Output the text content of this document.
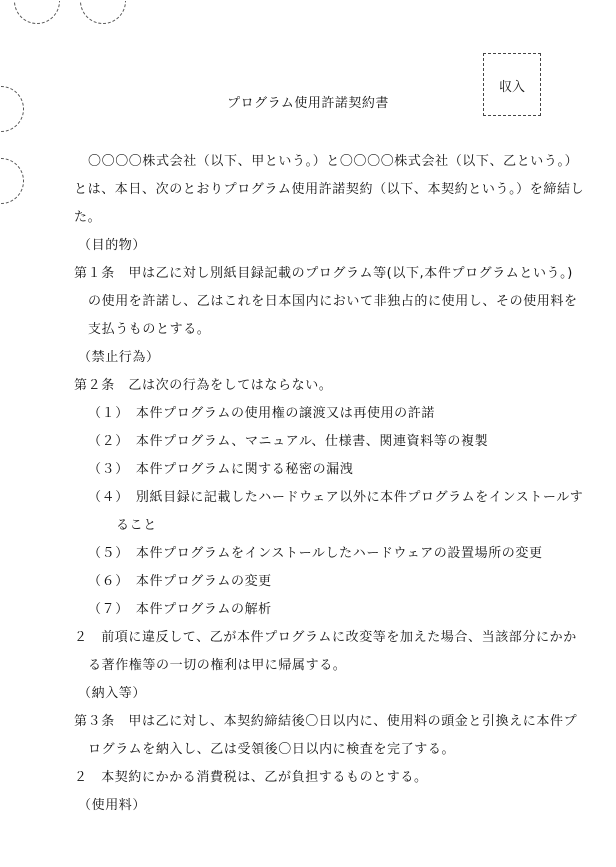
収入
プログラム使用許諾契約書
〇〇〇〇株式会社（以下、甲という。）と〇〇〇〇株式会社（以下、乙という。）
とは、本日、次のとおりプログラム使用許諾契約（以下、本契約という。）を締結し
た。
（目的物）
第１条　甲は乙に対し別紙目録記載のプログラム等(以下,本件プログラムという。)
の使用を許諾し、乙はこれを日本国内において非独占的に使用し、その使用料を
支払うものとする。
（禁止行為）
第２条　乙は次の行為をしてはならない。
（１）　本件プログラムの使用権の譲渡又は再使用の許諾
（２）　本件プログラム、マニュアル、仕様書、関連資料等の複製
（３）　本件プログラムに関する秘密の漏洩
（４）　別紙目録に記載したハードウェア以外に本件プログラムをインストールす
ること
（５）　本件プログラムをインストールしたハードウェアの設置場所の変更
（６）　本件プログラムの変更
（７）　本件プログラムの解析
２　前項に違反して、乙が本件プログラムに改変等を加えた場合、当該部分にかか
る著作権等の一切の権利は甲に帰属する。
（納入等）
第３条　甲は乙に対し、本契約締結後〇日以内に、使用料の頭金と引換えに本件プ
ログラムを納入し、乙は受領後〇日以内に検査を完了する。
２　本契約にかかる消費税は、乙が負担するものとする。
（使用料）
